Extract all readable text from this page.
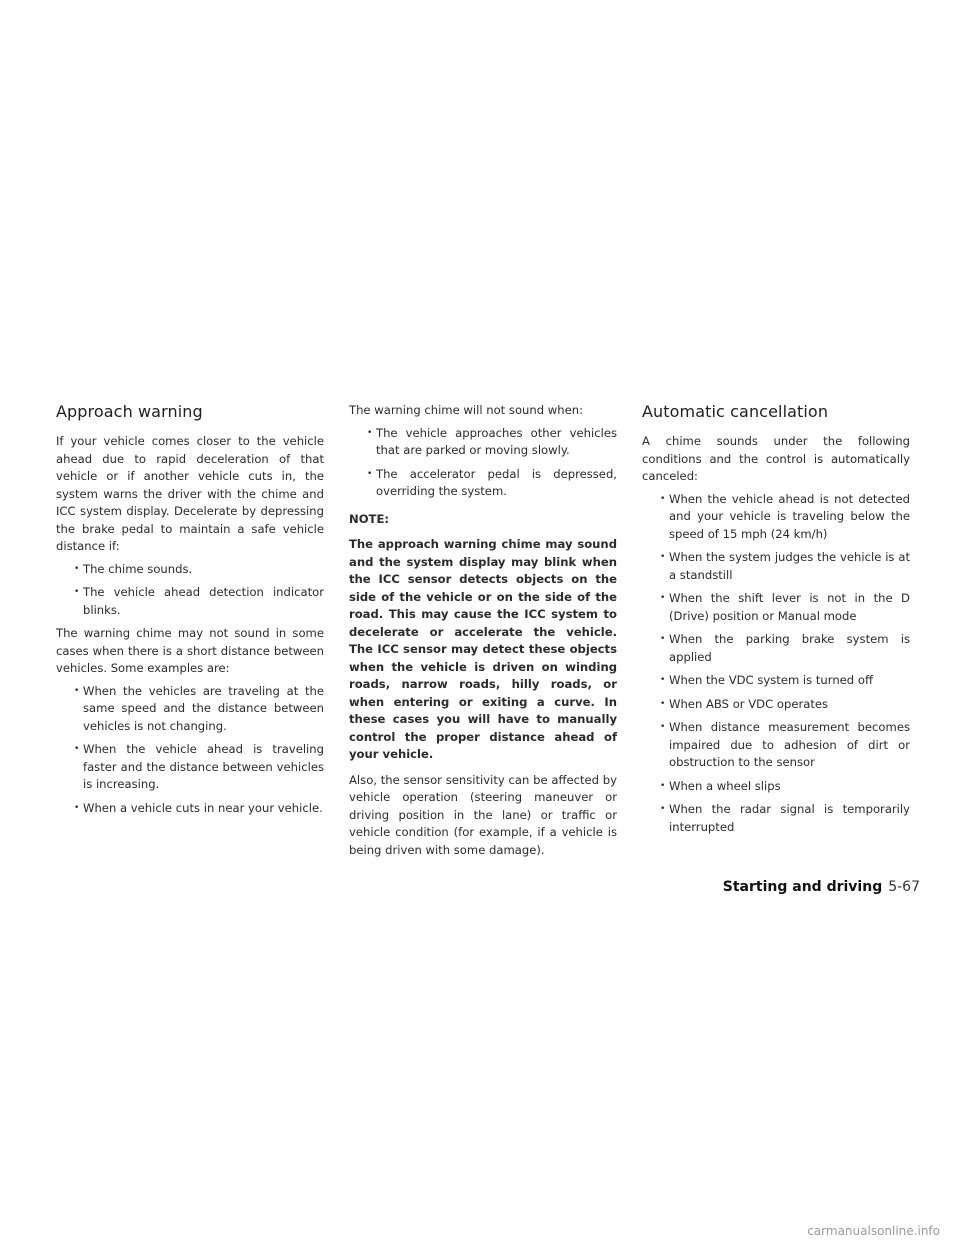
Approach warning

If your vehicle comes closer to the vehicle ahead due to rapid deceleration of that vehicle or if another vehicle cuts in, the system warns the driver with the chime and ICC system display. Decelerate by depressing the brake pedal to maintain a safe vehicle distance if:

• The chime sounds.
• The vehicle ahead detection indicator blinks.

The warning chime may not sound in some cases when there is a short distance between vehicles. Some examples are:

• When the vehicles are traveling at the same speed and the distance between vehicles is not changing.
• When the vehicle ahead is traveling faster and the distance between vehicles is increasing.
• When a vehicle cuts in near your vehicle.

The warning chime will not sound when:

• The vehicle approaches other vehicles that are parked or moving slowly.
• The accelerator pedal is depressed, overriding the system.

NOTE:

The approach warning chime may sound and the system display may blink when the ICC sensor detects objects on the side of the vehicle or on the side of the road. This may cause the ICC system to decelerate or accelerate the vehicle. The ICC sensor may detect these objects when the vehicle is driven on winding roads, narrow roads, hilly roads, or when entering or exiting a curve. In these cases you will have to manually control the proper distance ahead of your vehicle.

Also, the sensor sensitivity can be affected by vehicle operation (steering maneuver or driving position in the lane) or traffic or vehicle condition (for example, if a vehicle is being driven with some damage).

Automatic cancellation

A chime sounds under the following conditions and the control is automatically canceled:

• When the vehicle ahead is not detected and your vehicle is traveling below the speed of 15 mph (24 km/h)
• When the system judges the vehicle is at a standstill
• When the shift lever is not in the D (Drive) position or Manual mode
• When the parking brake system is applied
• When the VDC system is turned off
• When ABS or VDC operates
• When distance measurement becomes impaired due to adhesion of dirt or obstruction to the sensor
• When a wheel slips
• When the radar signal is temporarily interrupted
Starting and driving 5-67
carmanualsonline.info
